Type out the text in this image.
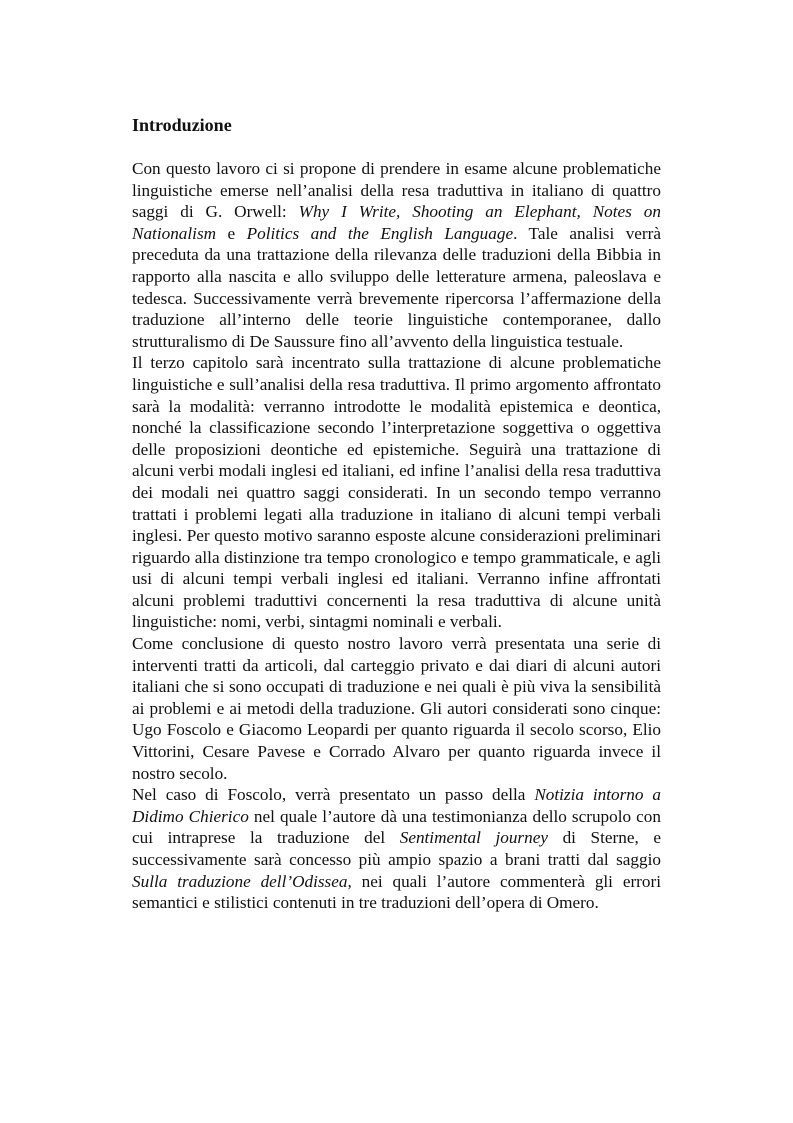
Introduzione

Con questo lavoro ci si propone di prendere in esame alcune problematiche linguistiche emerse nell’analisi della resa traduttiva in italiano di quattro saggi di G. Orwell: Why I Write, Shooting an Elephant, Notes on Nationalism e Politics and the English Language. Tale analisi verrà preceduta da una trattazione della rilevanza delle traduzioni della Bibbia in rapporto alla nascita e allo sviluppo delle letterature armena, paleoslava e tedesca. Successivamente verrà brevemente ripercorsa l’affermazione della traduzione all’interno delle teorie linguistiche contemporanee, dallo strutturalismo di De Saussure fino all’avvento della linguistica testuale.

Il terzo capitolo sarà incentrato sulla trattazione di alcune problematiche linguistiche e sull’analisi della resa traduttiva. Il primo argomento affrontato sarà la modalità: verranno introdotte le modalità epistemica e deontica, nonché la classificazione secondo l’interpretazione soggettiva o oggettiva delle proposizioni deontiche ed epistemiche. Seguirà una trattazione di alcuni verbi modali inglesi ed italiani, ed infine l’analisi della resa traduttiva dei modali nei quattro saggi considerati. In un secondo tempo verranno trattati i problemi legati alla traduzione in italiano di alcuni tempi verbali inglesi. Per questo motivo saranno esposte alcune considerazioni preliminari riguardo alla distinzione tra tempo cronologico e tempo grammaticale, e agli usi di alcuni tempi verbali inglesi ed italiani. Verranno infine affrontati alcuni problemi traduttivi concernenti la resa traduttiva di alcune unità linguistiche: nomi, verbi, sintagmi nominali e verbali.

Come conclusione di questo nostro lavoro verrà presentata una serie di interventi tratti da articoli, dal carteggio privato e dai diari di alcuni autori italiani che si sono occupati di traduzione e nei quali è più viva la sensibilità ai problemi e ai metodi della traduzione. Gli autori considerati sono cinque: Ugo Foscolo e Giacomo Leopardi per quanto riguarda il secolo scorso, Elio Vittorini, Cesare Pavese e Corrado Alvaro per quanto riguarda invece il nostro secolo.

Nel caso di Foscolo, verrà presentato un passo della Notizia intorno a Didimo Chierico nel quale l’autore dà una testimonianza dello scrupolo con cui intraprese la traduzione del Sentimental journey di Sterne, e successivamente sarà concesso più ampio spazio a brani tratti dal saggio Sulla traduzione dell’Odissea, nei quali l’autore commenterà gli errori semantici e stilistici contenuti in tre traduzioni dell’opera di Omero.
